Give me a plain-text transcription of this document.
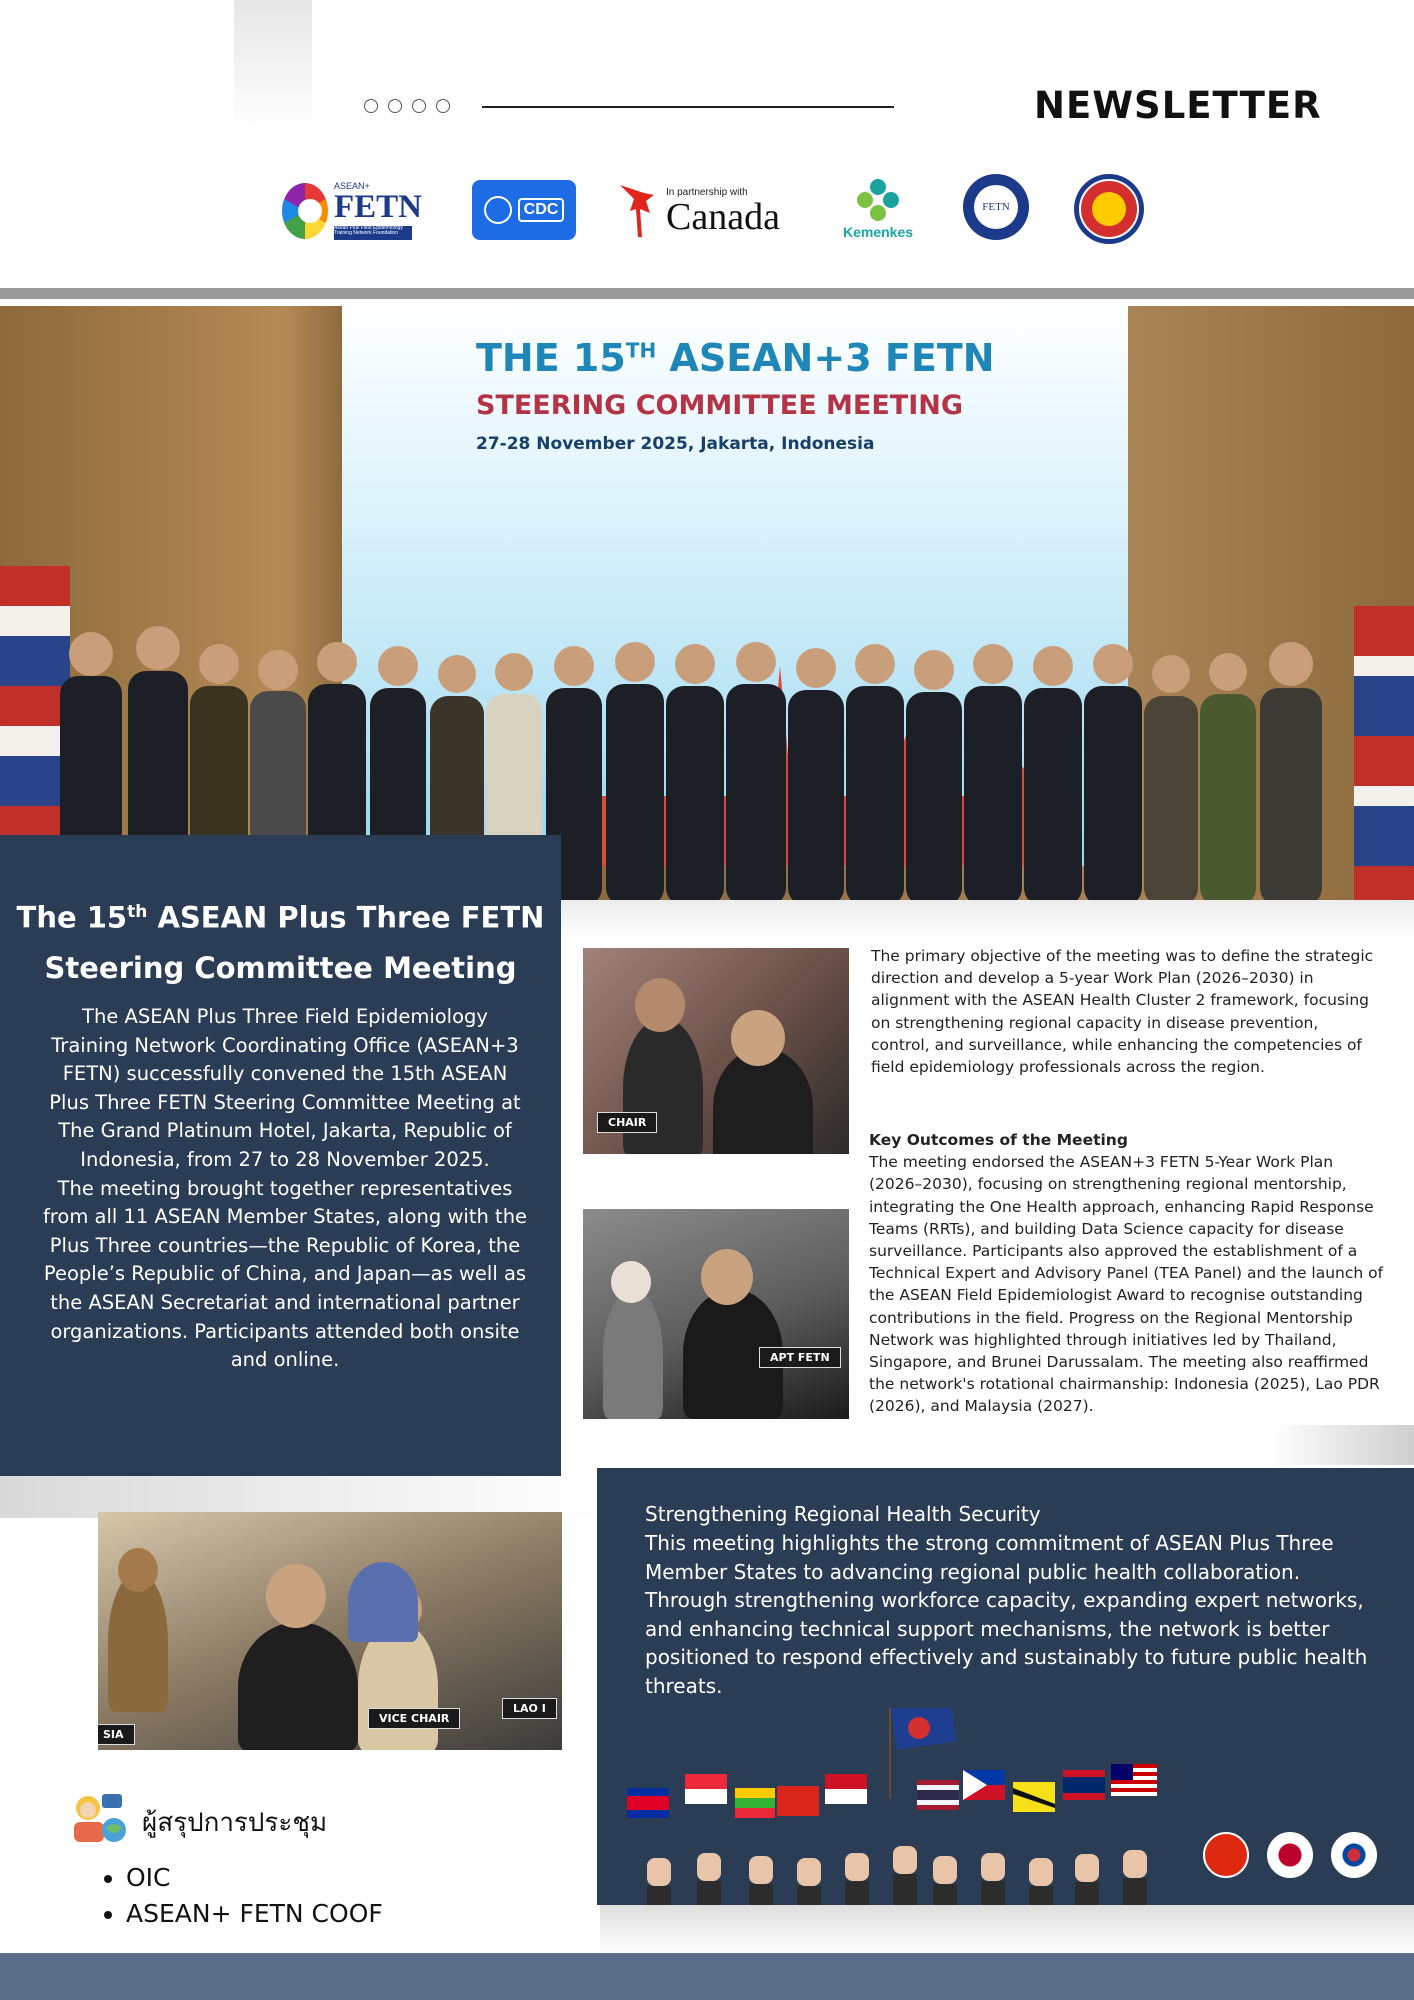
NEWSLETTER
ASEAN+
FETN
Asean Plus Field Epidemiology Training Network Foundation
CDC
In partnership with
Canada	Kemenkes
FETN
THE 15TH ASEAN+3 FETN
STEERING COMMITTEE MEETING
27-28 November 2025, Jakarta, Indonesia
The 15th ASEAN Plus Three FETN
Steering Committee Meeting
The ASEAN Plus Three Field Epidemiology Training Network Coordinating Office (ASEAN+3 FETN) successfully convened the 15th ASEAN Plus Three FETN Steering Committee Meeting at The Grand Platinum Hotel, Jakarta, Republic of Indonesia, from 27 to 28 November 2025.
The meeting brought together representatives from all 11 ASEAN Member States, along with the Plus Three countries—the Republic of Korea, the People’s Republic of China, and Japan—as well as the ASEAN Secretariat and international partner organizations. Participants attended both onsite and online.
CHAIR
The primary objective of the meeting was to define the strategic direction and develop a 5-year Work Plan (2026–2030) in alignment with the ASEAN Health Cluster 2 framework, focusing on strengthening regional capacity in disease prevention, control, and surveillance, while enhancing the competencies of field epidemiology professionals across the region.
APT FETN
Key Outcomes of the Meeting
The meeting endorsed the ASEAN+3 FETN 5-Year Work Plan (2026–2030), focusing on strengthening regional mentorship, integrating the One Health approach, enhancing Rapid Response Teams (RRTs), and building Data Science capacity for disease surveillance. Participants also approved the establishment of a Technical Expert and Advisory Panel (TEA Panel) and the launch of the ASEAN Field Epidemiologist Award to recognise outstanding contributions in the field. Progress on the Regional Mentorship Network was highlighted through initiatives led by Thailand, Singapore, and Brunei Darussalam. The meeting also reaffirmed the network's rotational chairmanship: Indonesia (2025), Lao PDR (2026), and Malaysia (2027).
VICE CHAIR
LAO I
SIA
Strengthening Regional Health Security
This meeting highlights the strong commitment of ASEAN Plus Three Member States to advancing regional public health collaboration. Through strengthening workforce capacity, expanding expert networks, and enhancing technical support mechanisms, the network is better positioned to respond effectively and sustainably to future public health threats.
ผู้สรุปการประชุม
• OIC
• ASEAN+ FETN COOF
